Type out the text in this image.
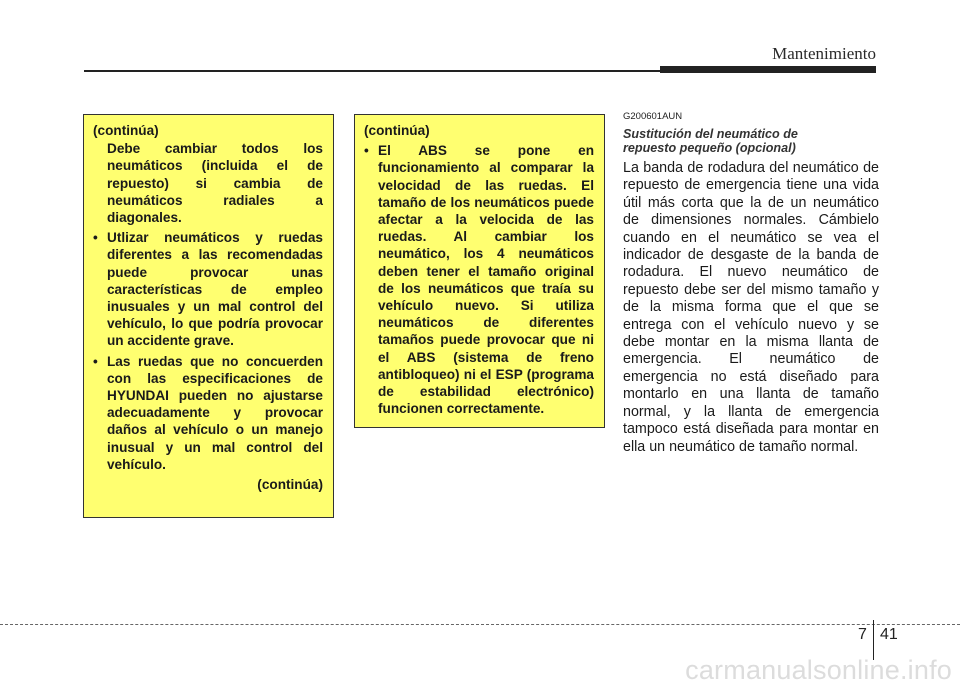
Mantenimiento
(continúa)

Debe cambiar todos los neumáticos (incluida el de repuesto) si cambia de neumáticos radiales a diagonales.

• Utlizar neumáticos y ruedas diferentes a las recomendadas puede provocar unas características de empleo inusuales y un mal control del vehículo, lo que podría provocar un accidente grave.
• Las ruedas que no concuerden con las especificaciones de HYUNDAI pueden no ajustarse adecuadamente y provocar daños al vehículo o un manejo inusual y un mal control del vehículo.
(continúa)
(continúa)
• El ABS se pone en funcionamiento al comparar la velocidad de las ruedas. El tamaño de los neumáticos puede afectar a la velocida de las ruedas. Al cambiar los neumático, los 4 neumáticos deben tener el tamaño original de los neumáticos que traía su vehículo nuevo. Si utiliza neumáticos de diferentes tamaños puede provocar que ni el ABS (sistema de freno antibloqueo) ni el ESP (programa de estabilidad electrónico) funcionen correctamente.
G200601AUN
Sustitución del neumático de repuesto pequeño (opcional)

La banda de rodadura del neumático de repuesto de emergencia tiene una vida útil más corta que la de un neumático de dimensiones normales. Cámbielo cuando en el neumático se vea el indicador de desgaste de la banda de rodadura. El nuevo neumático de repuesto debe ser del mismo tamaño y de la misma forma que el que se entrega con el vehículo nuevo y se debe montar en la misma llanta de emergencia. El neumático de emergencia no está diseñado para montarlo en una llanta de tamaño normal, y la llanta de emergencia tampoco está diseñada para montar en ella un neumático de tamaño normal.

7 41
carmanualsonline.info
